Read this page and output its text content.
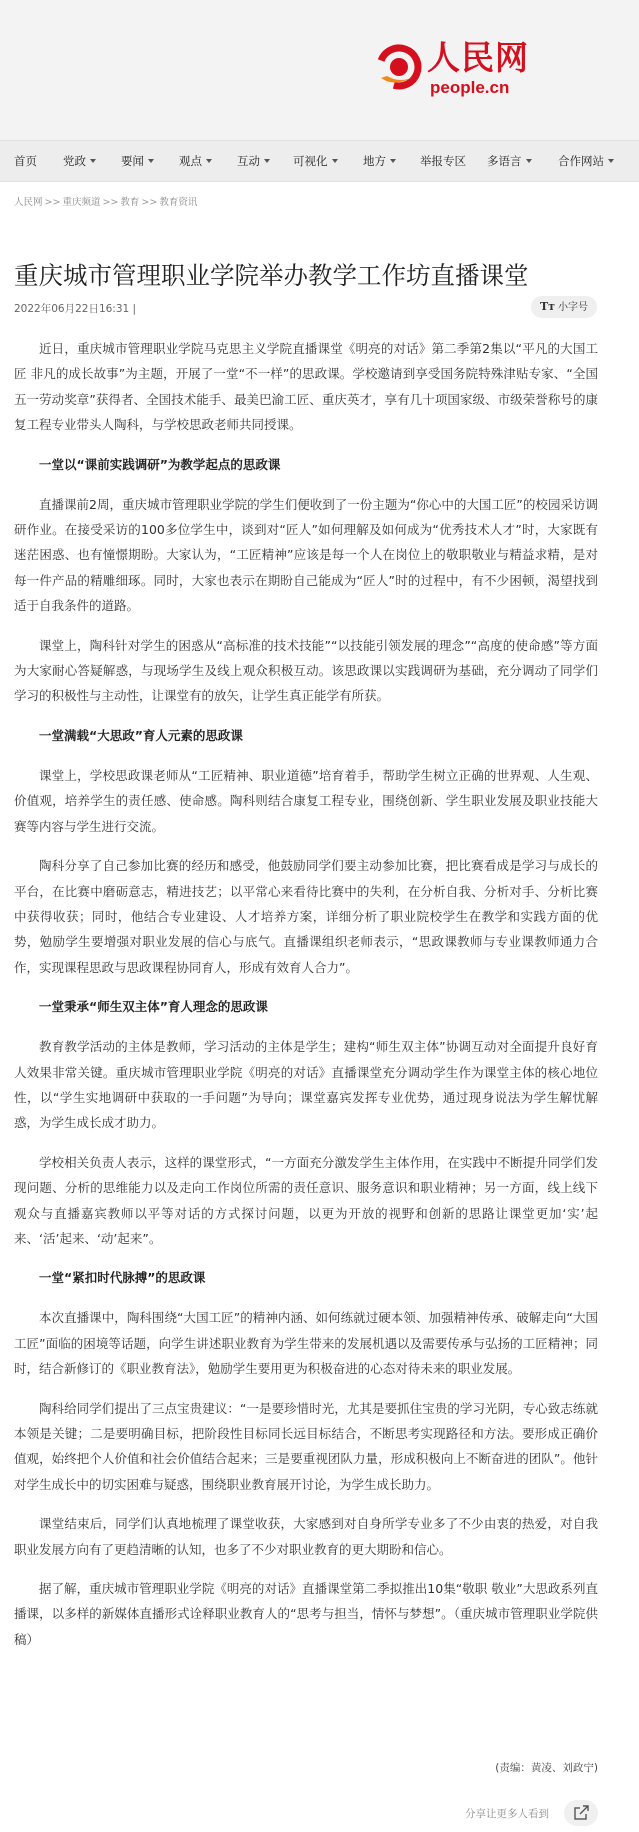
人民网
people.cn
首页 党政	要闻	观点	互动	可视化	地方	举报专区 多语言	合作网站
人民网 >> 重庆频道 >> 教育 >> 教育资讯
重庆城市管理职业学院举办教学工作坊直播课堂
2022年06月22日16:31 |	Tт 小字号

近日，重庆城市管理职业学院马克思主义学院直播课堂《明亮的对话》第二季第2集以“平凡的大国工匠 非凡的成长故事”为主题，开展了一堂“不一样”的思政课。学校邀请到享受国务院特殊津贴专家、“全国五一劳动奖章”获得者、全国技术能手、最美巴渝工匠、重庆英才，享有几十项国家级、市级荣誉称号的康复工程专业带头人陶科，与学校思政老师共同授课。

一堂以“课前实践调研”为教学起点的思政课

直播课前2周，重庆城市管理职业学院的学生们便收到了一份主题为“你心中的大国工匠”的校园采访调研作业。在接受采访的100多位学生中，谈到对“匠人”如何理解及如何成为“优秀技术人才”时，大家既有迷茫困惑、也有憧憬期盼。大家认为，“工匠精神”应该是每一个人在岗位上的敬职敬业与精益求精，是对每一件产品的精雕细琢。同时，大家也表示在期盼自己能成为“匠人”时的过程中，有不少困顿，渴望找到适于自我条件的道路。

课堂上，陶科针对学生的困惑从“高标准的技术技能”“以技能引领发展的理念”“高度的使命感”等方面为大家耐心答疑解惑，与现场学生及线上观众积极互动。该思政课以实践调研为基础，充分调动了同学们学习的积极性与主动性，让课堂有的放矢，让学生真正能学有所获。

一堂满载“大思政”育人元素的思政课

课堂上，学校思政课老师从“工匠精神、职业道德”培育着手，帮助学生树立正确的世界观、人生观、价值观，培养学生的责任感、使命感。陶科则结合康复工程专业，围绕创新、学生职业发展及职业技能大赛等内容与学生进行交流。

陶科分享了自己参加比赛的经历和感受，他鼓励同学们要主动参加比赛，把比赛看成是学习与成长的平台，在比赛中磨砺意志，精进技艺；以平常心来看待比赛中的失利，在分析自我、分析对手、分析比赛中获得收获；同时，他结合专业建设、人才培养方案，详细分析了职业院校学生在教学和实践方面的优势，勉励学生要增强对职业发展的信心与底气。直播课组织老师表示，“思政课教师与专业课教师通力合作，实现课程思政与思政课程协同育人，形成有效育人合力”。

一堂秉承“师生双主体”育人理念的思政课

教育教学活动的主体是教师，学习活动的主体是学生；建构“师生双主体”协调互动对全面提升良好育人效果非常关键。重庆城市管理职业学院《明亮的对话》直播课堂充分调动学生作为课堂主体的核心地位性，以“学生实地调研中获取的一手问题”为导向；课堂嘉宾发挥专业优势，通过现身说法为学生解忧解惑，为学生成长成才助力。

学校相关负责人表示，这样的课堂形式，“一方面充分激发学生主体作用，在实践中不断提升同学们发现问题、分析的思维能力以及走向工作岗位所需的责任意识、服务意识和职业精神；另一方面，线上线下观众与直播嘉宾教师以平等对话的方式探讨问题，以更为开放的视野和创新的思路让课堂更加‘实’起来、‘活’起来、‘动’起来”。

一堂“紧扣时代脉搏”的思政课

本次直播课中，陶科围绕“大国工匠”的精神内涵、如何练就过硬本领、加强精神传承、破解走向“大国工匠”面临的困境等话题，向学生讲述职业教育为学生带来的发展机遇以及需要传承与弘扬的工匠精神；同时，结合新修订的《职业教育法》，勉励学生要用更为积极奋进的心态对待未来的职业发展。

陶科给同学们提出了三点宝贵建议：“一是要珍惜时光，尤其是要抓住宝贵的学习光阴，专心致志练就本领是关键；二是要明确目标，把阶段性目标同长远目标结合，不断思考实现路径和方法。要形成正确价值观，始终把个人价值和社会价值结合起来；三是要重视团队力量，形成积极向上不断奋进的团队”。他针对学生成长中的切实困难与疑惑，围绕职业教育展开讨论，为学生成长助力。

课堂结束后，同学们认真地梳理了课堂收获，大家感到对自身所学专业多了不少由衷的热爱，对自我职业发展方向有了更趋清晰的认知，也多了不少对职业教育的更大期盼和信心。

据了解，重庆城市管理职业学院《明亮的对话》直播课堂第二季拟推出10集“敬职 敬业”大思政系列直播课，以多样的新媒体直播形式诠释职业教育人的“思考与担当，情怀与梦想”。（重庆城市管理职业学院供稿）

(责编：黄凌、刘政宁)
分享让更多人看到
